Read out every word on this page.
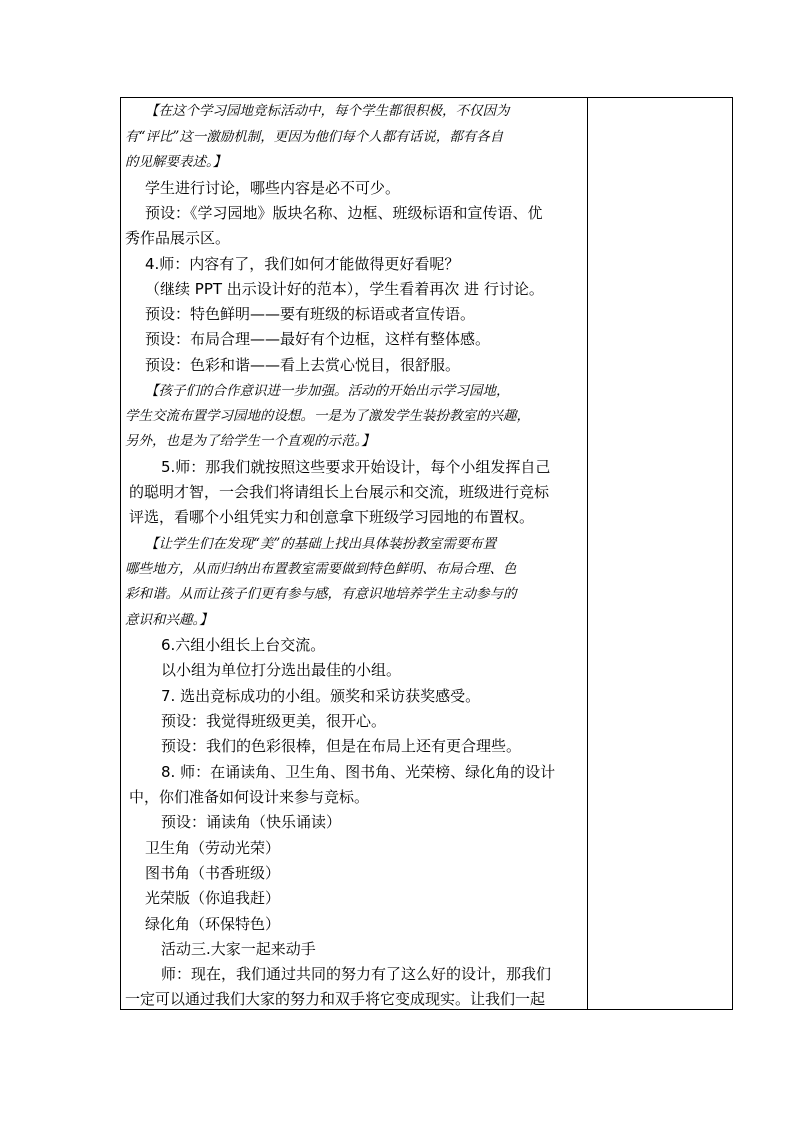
【在这个学习园地竞标活动中，每个学生都很积极，不仅因为
有“评比”这一激励机制，更因为他们每个人都有话说，都有各自
的见解要表述。】
学生进行讨论，哪些内容是必不可少。
预设：《学习园地》版块名称、边框、班级标语和宣传语、优
秀作品展示区。
4.师：内容有了，我们如何才能做得更好看呢？
（继续 PPT 出示设计好的范本），学生看着再次 进 行讨论。
预设：特色鲜明——要有班级的标语或者宣传语。
预设：布局合理——最好有个边框，这样有整体感。
预设：色彩和谐——看上去赏心悦目，很舒服。
【孩子们的合作意识进一步加强。活动的开始出示学习园地，
学生交流布置学习园地的设想。一是为了激发学生装扮教室的兴趣，
另外，也是为了给学生一个直观的示范。】
5.师：那我们就按照这些要求开始设计，每个小组发挥自己
的聪明才智，一会我们将请组长上台展示和交流，班级进行竞标
评选，看哪个小组凭实力和创意拿下班级学习园地的布置权。
【让学生们在发现“美”的基础上找出具体装扮教室需要布置
哪些地方，从而归纳出布置教室需要做到特色鲜明、布局合理、色
彩和谐。从而让孩子们更有参与感，有意识地培养学生主动参与的
意识和兴趣。】
6.六组小组长上台交流。
以小组为单位打分选出最佳的小组。
7. 选出竞标成功的小组。颁奖和采访获奖感受。
预设：我觉得班级更美，很开心。
预设：我们的色彩很棒，但是在布局上还有更合理些。
8. 师：在诵读角、卫生角、图书角、光荣榜、绿化角的设计
中，你们准备如何设计来参与竞标。
预设：诵读角（快乐诵读）
卫生角（劳动光荣）
图书角（书香班级）
光荣版（你追我赶）
绿化角（环保特色）
活动三.大家一起来动手
师：现在，我们通过共同的努力有了这么好的设计，那我们
一定可以通过我们大家的努力和双手将它变成现实。让我们一起
